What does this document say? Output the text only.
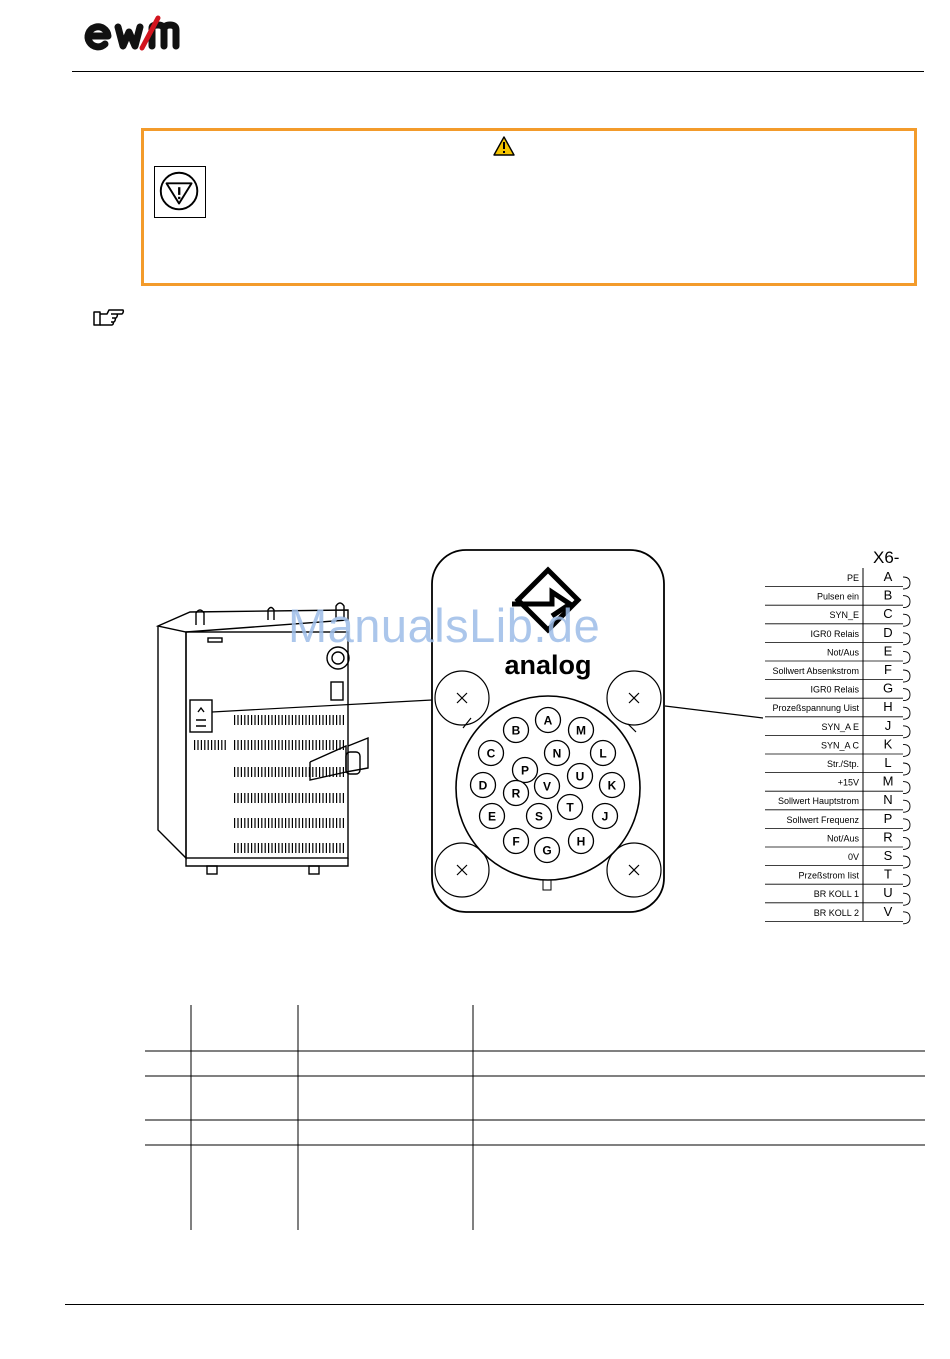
analog
A
B	M
C	N	L
P	U
D	V	K
R
T
E	S	J
F
G
H
X6-
PE A
Pulsen ein B
SYN_E C
IGR0 Relais D
Not/Aus E
Sollwert Absenkstrom F
IGR0 Relais G
Prozeßspannung Uist H
SYN_A E J
SYN_A C K
Str./Stp. L
+15V M
Sollwert Hauptstrom N
Sollwert Frequenz P
Not/Aus R
0V S
Przeßstrom Iist T
BR KOLL 1 U
BR KOLL 2 V
ManualsLib.de
